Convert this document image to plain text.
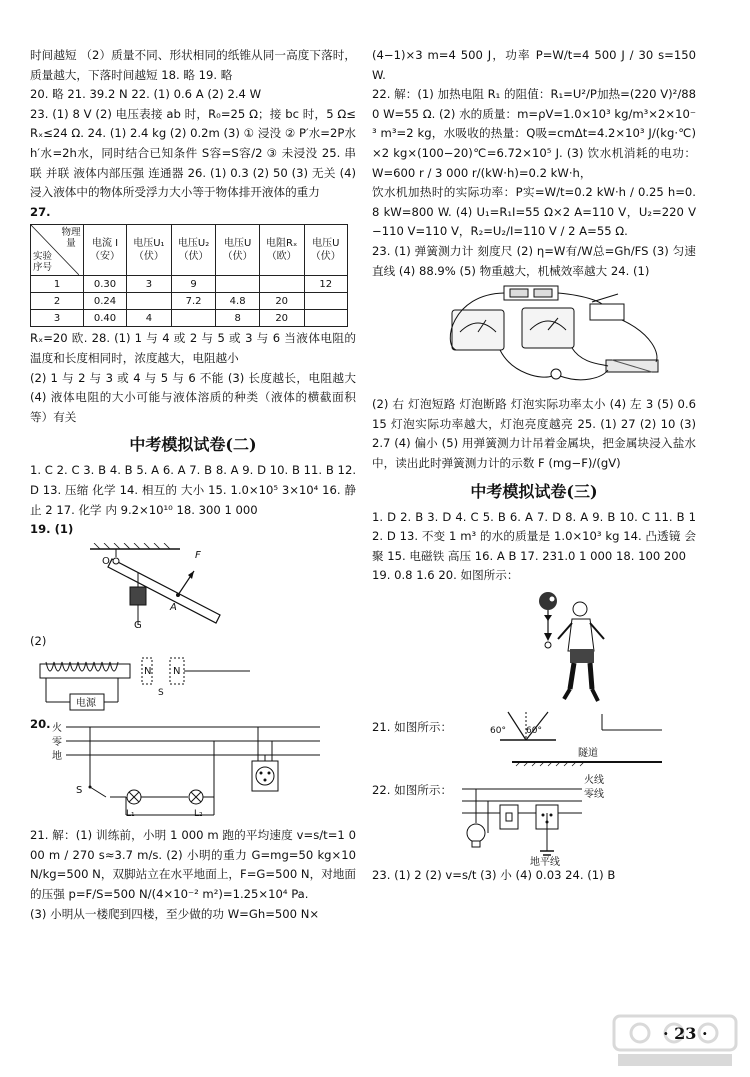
时间越短 （2）质量不同、形状相同的纸锥从同一高度下落时，质量越大，下落时间越短 18. 略 19. 略

20. 略 21. 39.2 N 22. (1) 0.6 A (2) 2.4 W

23. (1) 8 V (2) 电压表接 ab 时，R₀=25 Ω；接 bc 时，5 Ω≤Rₓ≤24 Ω. 24. (1) 2.4 kg (2) 0.2m (3) ① 浸没 ② P′水=2P水 h′水=2h水，同时结合已知条件 S容=S容/2 ③ 未浸没 25. 串联 并联 液体内部压强 连通器 26. (1) 0.3 (2) 50 (3) 无关 (4) 浸入液体中的物体所受浮力大小等于物体排开液体的重力

27.

物理量
实验序号	电流 I（安）	电压U₁（伏）	电压U₂（伏）	电压U（伏）	电阻Rₓ（欧）	电压U（伏）
1	0.30	3	9			12
2	0.24		7.2	4.8	20	
3	0.40	4		8	20	

Rₓ=20 欧. 28. (1) 1 与 4 或 2 与 5 或 3 与 6 当液体电阻的温度和长度相同时，浓度越大，电阻越小

(2) 1 与 2 与 3 或 4 与 5 与 6 不能 (3) 长度越长，电阻越大 (4) 液体电阻的大小可能与液体溶质的种类（液体的横截面积等）有关

中考模拟试卷(二)

1. C 2. C 3. B 4. B 5. A 6. A 7. B 8. A 9. D 10. B 11. B 12. D 13. 压缩 化学 14. 相互的 大小 15. 1.0×10⁵ 3×10⁴ 16. 静止 2 17. 化学 内 9.2×10¹⁰ 18. 300 1 000

19. (1)

F
O
A
G

(2)

N N
S
电源
20. 火
零
地
S
L₁	L₂

21. 解：(1) 训练前，小明 1 000 m 跑的平均速度 v=s/t=1 000 m / 270 s≈3.7 m/s. (2) 小明的重力 G=mg=50 kg×10 N/kg=500 N，双脚站立在水平地面上，F=G=500 N，对地面的压强 p=F/S=500 N/(4×10⁻² m²)=1.25×10⁴ Pa.

(3) 小明从一楼爬到四楼，至少做的功 W=Gh=500 N×

(4−1)×3 m=4 500 J，功率 P=W/t=4 500 J / 30 s=150 W.

22. 解：(1) 加热电阻 R₁ 的阻值：R₁=U²/P加热=(220 V)²/880 W=55 Ω. (2) 水的质量：m=ρV=1.0×10³ kg/m³×2×10⁻³ m³=2 kg，水吸收的热量：Q吸=cmΔt=4.2×10³ J/(kg·℃)×2 kg×(100−20)℃=6.72×10⁵ J. (3) 饮水机消耗的电功：W=600 r / 3 000 r/(kW·h)=0.2 kW·h，

饮水机加热时的实际功率：P实=W/t=0.2 kW·h / 0.25 h=0.8 kW=800 W. (4) U₁=R₁I=55 Ω×2 A=110 V，U₂=220 V−110 V=110 V，R₂=U₂/I=110 V / 2 A=55 Ω.

23. (1) 弹簧测力计 刻度尺 (2) η=W有/W总=Gh/FS (3) 匀速直线 (4) 88.9% (5) 物重越大，机械效率越大 24. (1)

(2) 右 灯泡短路 灯泡断路 灯泡实际功率太小 (4) 左 3 (5) 0.615 灯泡实际功率越大，灯泡亮度越亮 25. (1) 27 (2) 10 (3) 2.7 (4) 偏小 (5) 用弹簧测力计吊着金属块，把金属块浸入盐水中，读出此时弹簧测力计的示数 F (mg−F)/(gV)

中考模拟试卷(三)

1. D 2. B 3. D 4. C 5. B 6. A 7. D 8. A 9. B 10. C 11. B 12. D 13. 不变 1 m³ 的水的质量是 1.0×10³ kg 14. 凸透镜 会聚 15. 电磁铁 高压 16. A B 17. 231.0 1 000 18. 100 200

19. 0.8 1.6 20. 如图所示：

21. 如图所示：	60° 60°
隧道
22. 如图所示：
火线
零线
地平线

23. (1) 2 (2) v=s/t (3) 小 (4) 0.03 24. (1) B

· 23 ·
